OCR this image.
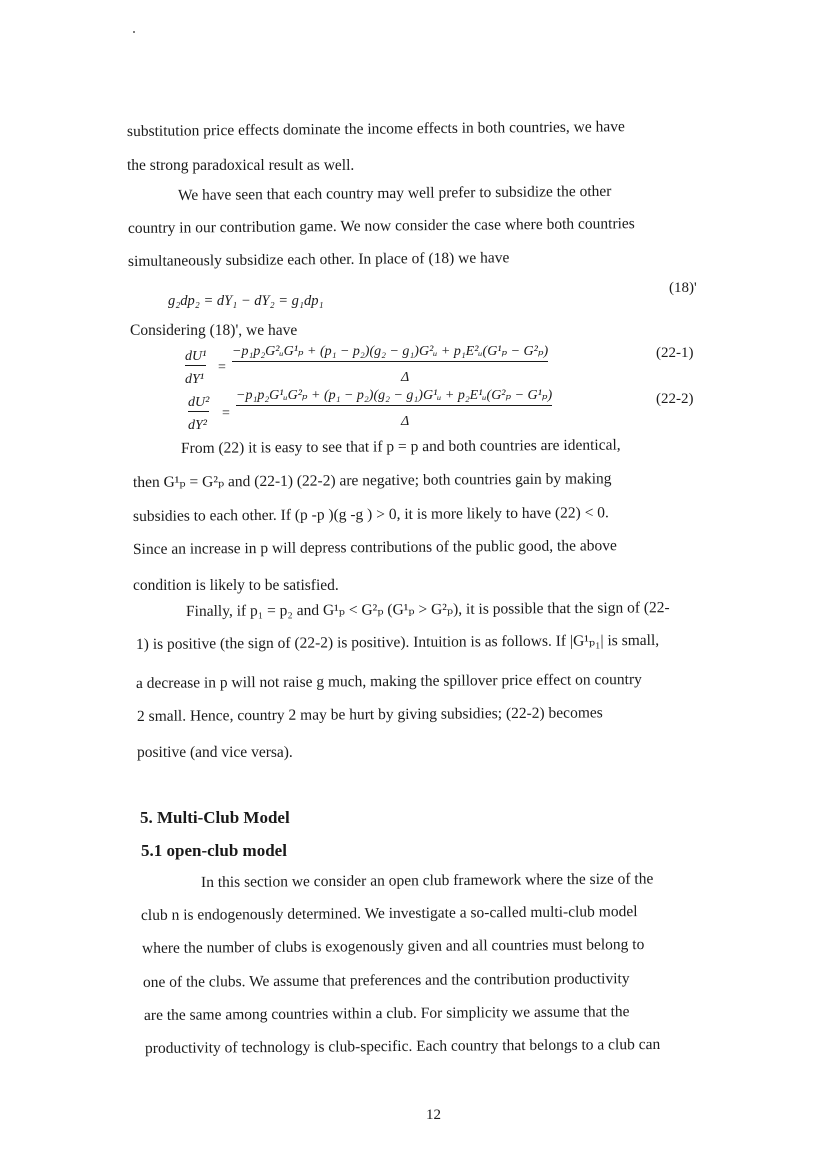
substitution price effects dominate the income effects in both countries, we have
the strong paradoxical result as well.
We have seen that each country may well prefer to subsidize the other
country in our contribution game. We now consider the case where both countries
simultaneously subsidize each other. In place of (18) we have
g₂dp₂ = dY₁ − dY₂ = g₁dp₁
(18)'
Considering (18)', we have
dU¹
dY¹
=
−p₁p₂G²ᵤG¹ₚ + (p₁ − p₂)(g₂ − g₁)G²ᵤ + p₁E²ᵤ(G¹ₚ − G²ₚ)
Δ
(22-1)
dU²
dY²
=
−p₁p₂G¹ᵤG²ₚ + (p₁ − p₂)(g₂ − g₁)G¹ᵤ + p₂E¹ᵤ(G²ₚ − G¹ₚ)
Δ
(22-2)
From (22) it is easy to see that if p = p and both countries are identical,
then G¹ₚ = G²ₚ and (22-1) (22-2) are negative; both countries gain by making
subsidies to each other. If (p -p )(g -g ) > 0, it is more likely to have (22) < 0.
Since an increase in p will depress contributions of the public good, the above
condition is likely to be satisfied.
Finally, if p₁ = p₂ and G¹ₚ < G²ₚ (G¹ₚ > G²ₚ), it is possible that the sign of (22-
1) is positive (the sign of (22-2) is positive). Intuition is as follows. If |G¹ₚ₁| is small,
a decrease in p will not raise g much, making the spillover price effect on country
2 small. Hence, country 2 may be hurt by giving subsidies; (22-2) becomes
positive (and vice versa).
5. Multi-Club Model
5.1 open-club model
In this section we consider an open club framework where the size of the
club n is endogenously determined. We investigate a so-called multi-club model
where the number of clubs is exogenously given and all countries must belong to
one of the clubs. We assume that preferences and the contribution productivity
are the same among countries within a club. For simplicity we assume that the
productivity of technology is club-specific. Each country that belongs to a club can
12
